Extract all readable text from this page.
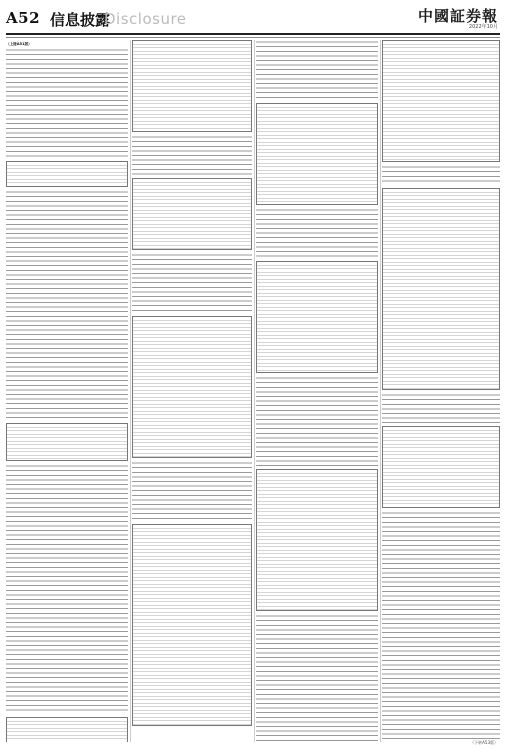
A52 信息披露
Disclosure	中國証券報
2022年10月
（上接A51版）
（下转A53版）
